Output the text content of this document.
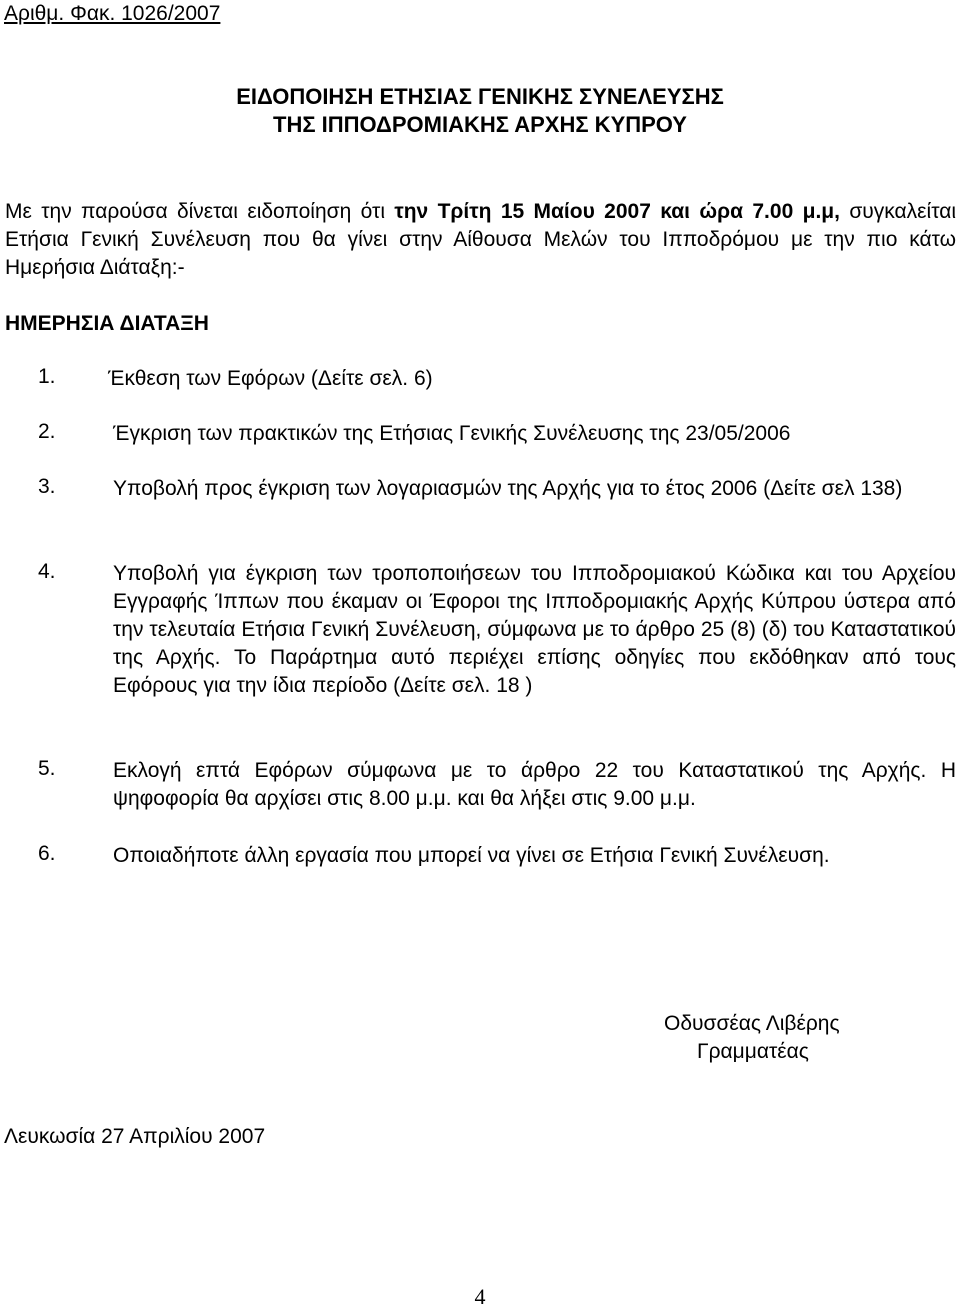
Αριθμ. Φακ. 1026/2007
ΕΙΔΟΠΟΙΗΣΗ ΕΤΗΣΙΑΣ ΓΕΝΙΚΗΣ ΣΥΝΕΛΕΥΣΗΣ
ΤΗΣ ΙΠΠΟΔΡΟΜΙΑΚΗΣ ΑΡΧΗΣ ΚΥΠΡΟΥ
Με την παρούσα δίνεται ειδοποίηση ότι την Τρίτη 15 Μαίου 2007 και ώρα 7.00 μ.μ, συγκαλείται Ετήσια Γενική Συνέλευση που θα γίνει στην Αίθουσα Μελών του Ιπποδρόμου με την πιο κάτω Ημερήσια Διάταξη:-
ΗΜΕΡΗΣΙΑ ΔΙΑΤΑΞΗ
1. Έκθεση των Εφόρων (Δείτε σελ. 6)
2.	Έγκριση των πρακτικών της Ετήσιας Γενικής Συνέλευσης της 23/05/2006
3.	Υποβολή προς έγκριση των λογαριασμών της Αρχής για το έτος 2006 (Δείτε σελ 138)
4.	Υποβολή για έγκριση των τροποποιήσεων του Ιπποδρομιακού Κώδικα και του Αρχείου Εγγραφής Ίππων που έκαμαν οι Έφοροι της Ιπποδρομιακής Αρχής Κύπρου ύστερα από την τελευταία Ετήσια Γενική Συνέλευση, σύμφωνα με το άρθρο 25 (8) (δ) του Καταστατικού της Αρχής. Το Παράρτημα αυτό περιέχει επίσης οδηγίες που εκδόθηκαν από τους Εφόρους για την ίδια περίοδο (Δείτε σελ. 18 )
5.	Εκλογή επτά Εφόρων σύμφωνα με το άρθρο 22 του Καταστατικού της Αρχής. Η ψηφοφορία θα αρχίσει στις 8.00 μ.μ. και θα λήξει στις 9.00 μ.μ.
6.	Οποιαδήποτε άλλη εργασία που μπορεί να γίνει σε Ετήσια Γενική Συνέλευση.
Οδυσσέας Λιβέρης
Γραμματέας
Λευκωσία 27 Απριλίου 2007
4
